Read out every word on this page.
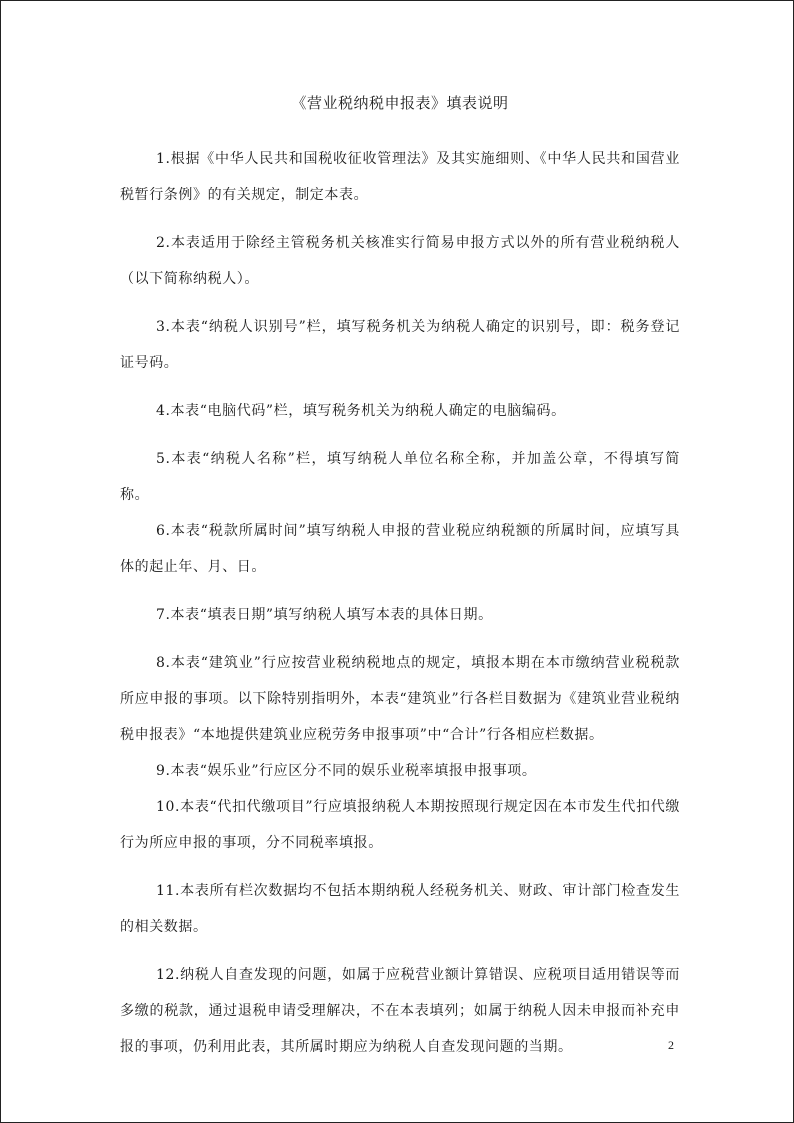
《营业税纳税申报表》填表说明

1.根据《中华人民共和国税收征收管理法》及其实施细则、《中华人民共和国营业税暂行条例》的有关规定，制定本表。

2.本表适用于除经主管税务机关核准实行简易申报方式以外的所有营业税纳税人（以下简称纳税人）。

3.本表“纳税人识别号”栏，填写税务机关为纳税人确定的识别号，即：税务登记证号码。

4.本表“电脑代码”栏，填写税务机关为纳税人确定的电脑编码。

5.本表“纳税人名称”栏，填写纳税人单位名称全称，并加盖公章，不得填写简称。

6.本表“税款所属时间”填写纳税人申报的营业税应纳税额的所属时间，应填写具体的起止年、月、日。

7.本表“填表日期”填写纳税人填写本表的具体日期。

8.本表“建筑业”行应按营业税纳税地点的规定，填报本期在本市缴纳营业税税款所应申报的事项。以下除特别指明外，本表“建筑业”行各栏目数据为《建筑业营业税纳税申报表》“本地提供建筑业应税劳务申报事项”中“合计”行各相应栏数据。

9.本表“娱乐业”行应区分不同的娱乐业税率填报申报事项。

10.本表“代扣代缴项目”行应填报纳税人本期按照现行规定因在本市发生代扣代缴行为所应申报的事项，分不同税率填报。

11.本表所有栏次数据均不包括本期纳税人经税务机关、财政、审计部门检查发生的相关数据。

12.纳税人自查发现的问题，如属于应税营业额计算错误、应税项目适用错误等而多缴的税款，通过退税申请受理解决，不在本表填列；如属于纳税人因未申报而补充申报的事项，仍利用此表，其所属时期应为纳税人自查发现问题的当期。	2
